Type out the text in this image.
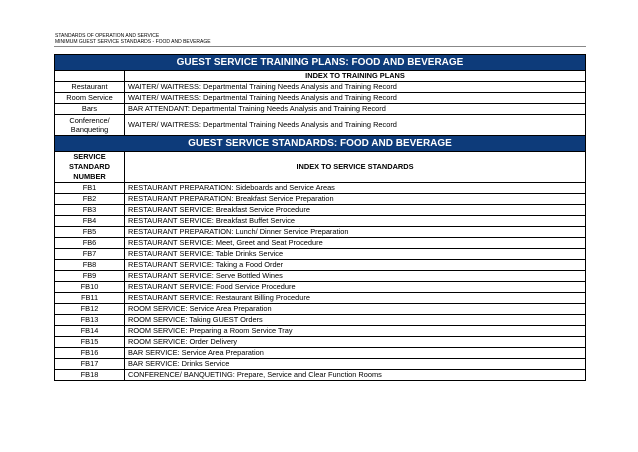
STANDARDS OF OPERATION AND SERVICE
MINIMUM GUEST SERVICE STANDARDS - FOOD AND BEVERAGE
GUEST SERVICE TRAINING PLANS: FOOD AND BEVERAGE	
	INDEX TO TRAINING PLANS
Restaurant	WAITER/ WAITRESS: Departmental Training Needs Analysis and Training Record
Room Service	WAITER/ WAITRESS: Departmental Training Needs Analysis and Training Record
Bars	BAR ATTENDANT: Departmental Training Needs Analysis and Training Record
Conference/ Banqueting	WAITER/ WAITRESS: Departmental Training Needs Analysis and Training Record
GUEST SERVICE STANDARDS: FOOD AND BEVERAGE	
SERVICE STANDARD NUMBER	INDEX TO SERVICE STANDARDS
FB1	RESTAURANT PREPARATION: Sideboards and Service Areas
FB2	RESTAURANT PREPARATION: Breakfast Service Preparation
FB3	RESTAURANT SERVICE: Breakfast Service Procedure
FB4	RESTAURANT SERVICE: Breakfast Buffet Service
FB5	RESTAURANT PREPARATION: Lunch/ Dinner Service Preparation
FB6	RESTAURANT SERVICE: Meet, Greet and Seat Procedure
FB7	RESTAURANT SERVICE: Table Drinks Service
FB8	RESTAURANT SERVICE: Taking a Food Order
FB9	RESTAURANT SERVICE: Serve Bottled Wines
FB10	RESTAURANT SERVICE: Food Service Procedure
FB11	RESTAURANT SERVICE: Restaurant Billing Procedure
FB12	ROOM SERVICE: Service Area Preparation
FB13	ROOM SERVICE: Taking GUEST Orders
FB14	ROOM SERVICE: Preparing a Room Service Tray
FB15	ROOM SERVICE: Order Delivery
FB16	BAR SERVICE: Service Area Preparation
FB17	BAR SERVICE: Drinks Service
FB18	CONFERENCE/ BANQUETING: Prepare, Service and Clear Function Rooms
